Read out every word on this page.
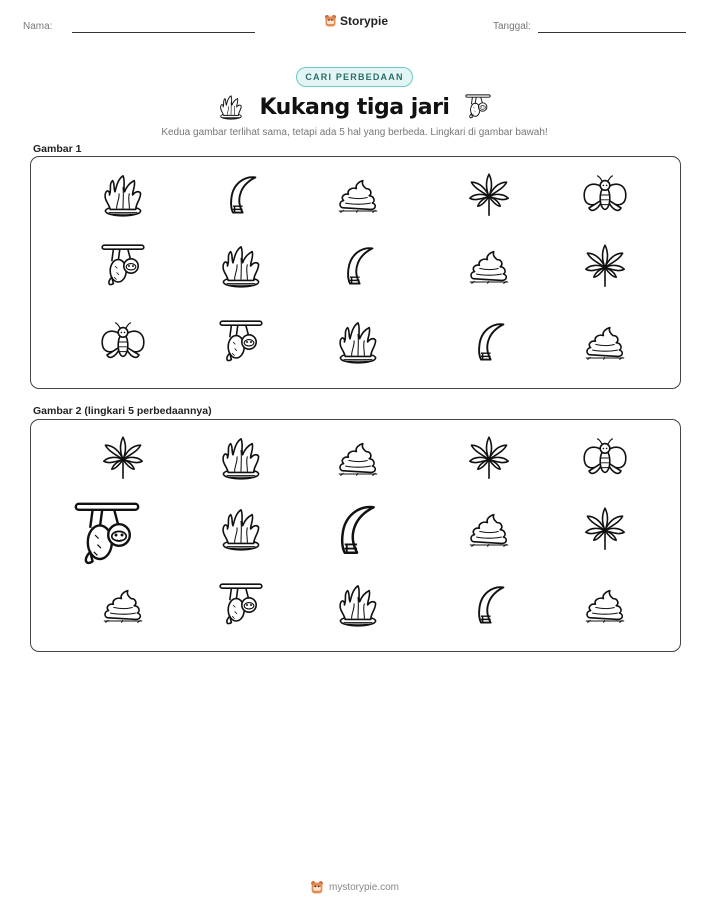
Nama:	Storypie	Tanggal:
CARI PERBEDAAN
Kukang tiga jari
Kedua gambar terlihat sama, tetapi ada 5 hal yang berbeda. Lingkari di gambar bawah!
Gambar 1
Gambar 2 (lingkari 5 perbedaannya)
mystorypie.com
